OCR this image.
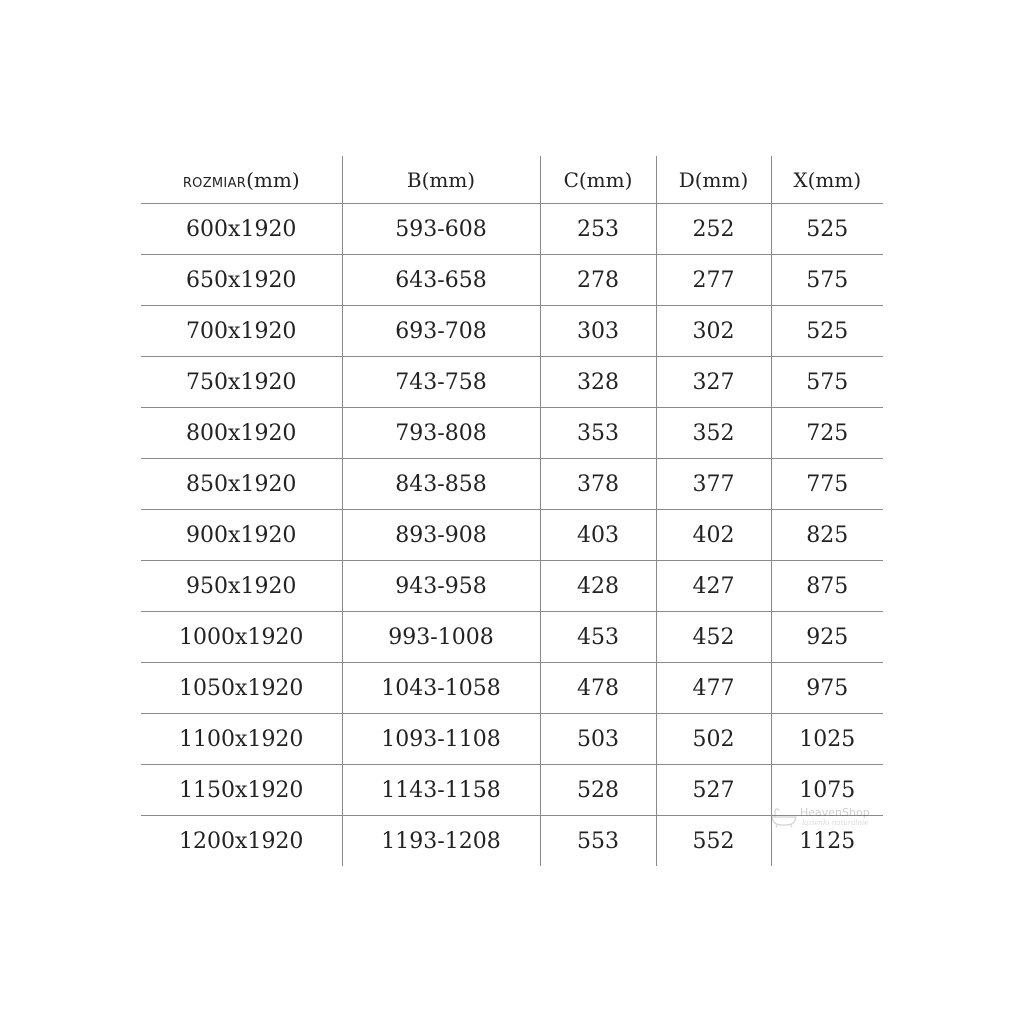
ROZMIAR(mm)	B(mm)	C(mm)	D(mm)	X(mm)
600x1920	593-608	253	252	525
650x1920	643-658	278	277	575
700x1920	693-708	303	302	525
750x1920	743-758	328	327	575
800x1920	793-808	353	352	725
850x1920	843-858	378	377	775
900x1920	893-908	403	402	825
950x1920	943-958	428	427	875
1000x1920	993-1008	453	452	925
1050x1920	1043-1058	478	477	975
1100x1920	1093-1108	503	502	1025
1150x1920	1143-1158	528	527	1075
1200x1920	1193-1208	553	552	1125
HeavenShop
łazienki naturalnie
